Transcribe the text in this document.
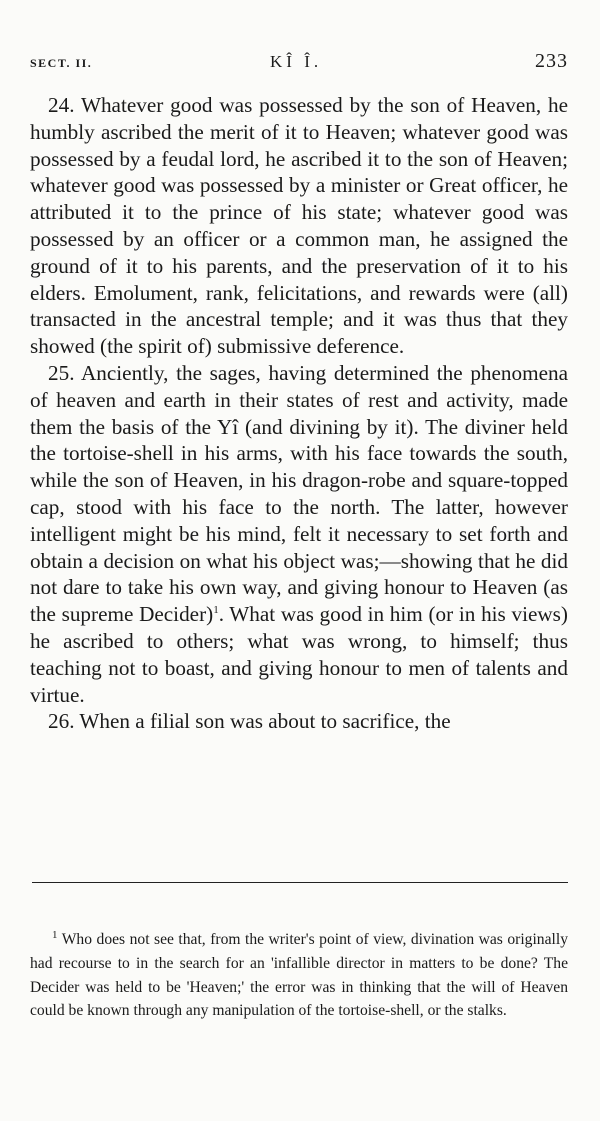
SECT. II.	KÎ Î.	233

24. Whatever good was possessed by the son of Heaven, he humbly ascribed the merit of it to Heaven; whatever good was possessed by a feudal lord, he ascribed it to the son of Heaven; whatever good was possessed by a minister or Great officer, he attributed it to the prince of his state; whatever good was possessed by an officer or a common man, he assigned the ground of it to his parents, and the preservation of it to his elders. Emolument, rank, felicitations, and rewards were (all) transacted in the ancestral temple; and it was thus that they showed (the spirit of) submissive deference.

25. Anciently, the sages, having determined the phenomena of heaven and earth in their states of rest and activity, made them the basis of the Yî (and divining by it). The diviner held the tortoise-shell in his arms, with his face towards the south, while the son of Heaven, in his dragon-robe and square-topped cap, stood with his face to the north. The latter, however intelligent might be his mind, felt it necessary to set forth and obtain a decision on what his object was;—showing that he did not dare to take his own way, and giving honour to Heaven (as the supreme Decider)$^1$. What was good in him (or in his views) he ascribed to others; what was wrong, to himself; thus teaching not to boast, and giving honour to men of talents and virtue.

26. When a filial son was about to sacrifice, the

$^1$ Who does not see that, from the writer's point of view, divination was originally had recourse to in the search for an 'infallible director in matters to be done? The Decider was held to be 'Heaven;' the error was in thinking that the will of Heaven could be known through any manipulation of the tortoise-shell, or the stalks.
